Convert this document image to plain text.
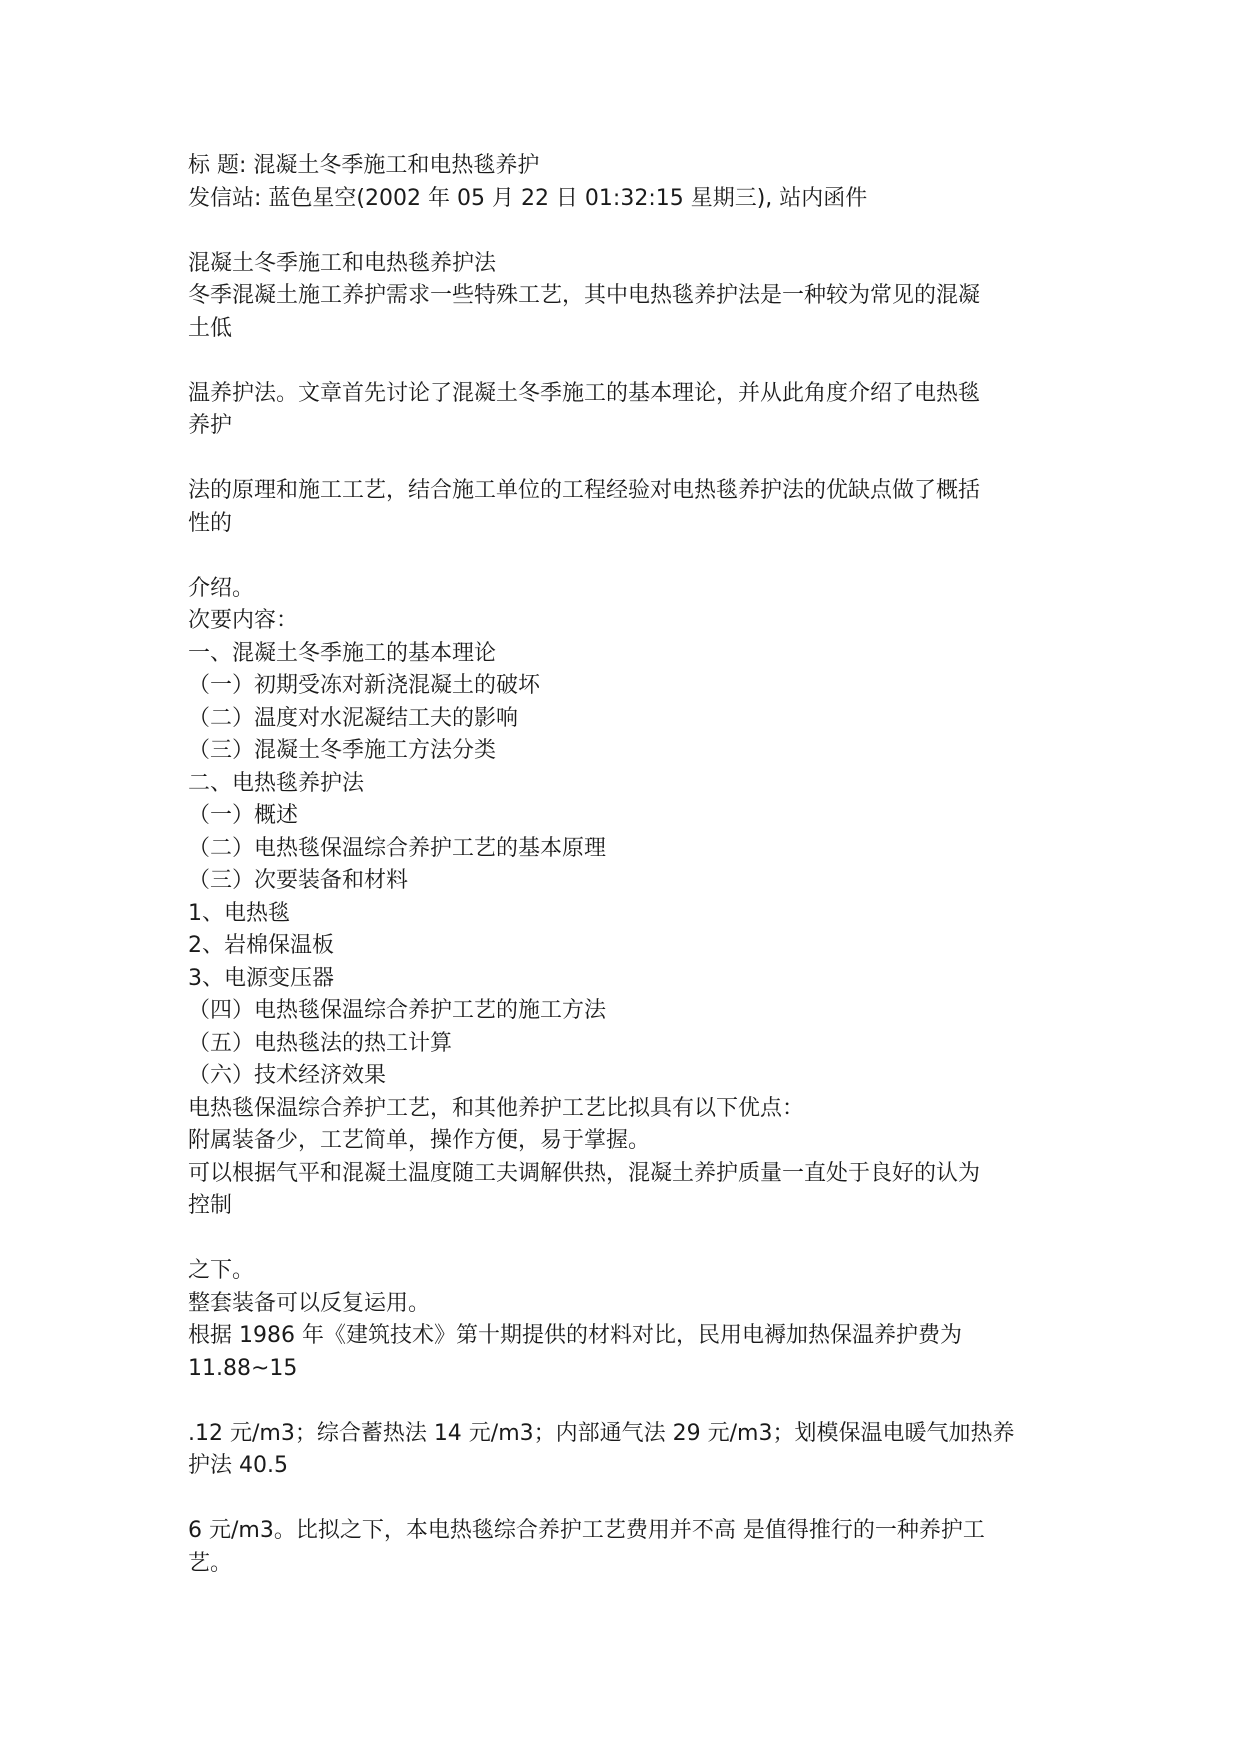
标 题: 混凝土冬季施工和电热毯养护
发信站: 蓝色星空(2002 年 05 月 22 日 01:32:15 星期三), 站内函件
混凝土冬季施工和电热毯养护法
冬季混凝土施工养护需求一些特殊工艺，其中电热毯养护法是一种较为常见的混凝
土低
温养护法。文章首先讨论了混凝土冬季施工的基本理论，并从此角度介绍了电热毯
养护
法的原理和施工工艺，结合施工单位的工程经验对电热毯养护法的优缺点做了概括
性的
介绍。
次要内容：
一、混凝土冬季施工的基本理论
（一）初期受冻对新浇混凝土的破坏
（二）温度对水泥凝结工夫的影响
（三）混凝土冬季施工方法分类
二、电热毯养护法
（一）概述
（二）电热毯保温综合养护工艺的基本原理
（三）次要装备和材料
1、电热毯
2、岩棉保温板
3、电源变压器
（四）电热毯保温综合养护工艺的施工方法
（五）电热毯法的热工计算
（六）技术经济效果
电热毯保温综合养护工艺，和其他养护工艺比拟具有以下优点：
附属装备少，工艺简单，操作方便，易于掌握。
可以根据气平和混凝土温度随工夫调解供热，混凝土养护质量一直处于良好的认为
控制
之下。
整套装备可以反复运用。
根据 1986 年《建筑技术》第十期提供的材料对比，民用电褥加热保温养护费为
11.88~15
.12 元/m3；综合蓄热法 14 元/m3；内部通气法 29 元/m3；划模保温电暖气加热养
护法 40.5
6 元/m3。比拟之下，本电热毯综合养护工艺费用并不高 是值得推行的一种养护工
艺。
